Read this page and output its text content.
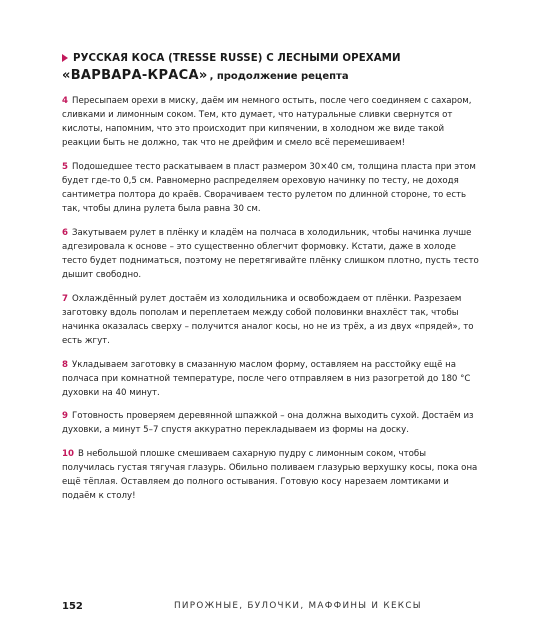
РУССКАЯ КОСА (TRESSE RUSSE) С ЛЕСНЫМИ ОРЕХАМИ
«ВАРВАРА-КРАСА» , продолжение рецепта

4 Пересыпаем орехи в миску, даём им немного остыть, после чего соединяем с сахаром, сливками и лимонным соком. Тем, кто думает, что натуральные сливки свернутся от кислоты, напомним, что это происходит при кипячении, в холодном же виде такой реакции быть не должно, так что не дрейфим и смело всё перемешиваем!

5 Подошедшее тесто раскатываем в пласт размером 30×40 см, толщина пласта при этом будет где-то 0,5 см. Равномерно распределяем ореховую начинку по тесту, не доходя сантиметра полтора до краёв. Сворачиваем тесто рулетом по длинной стороне, то есть так, чтобы длина рулета была равна 30 см.

6 Закутываем рулет в плёнку и кладём на полчаса в холодильник, чтобы начинка лучше адгезировала к основе – это существенно облегчит формовку. Кстати, даже в холоде тесто будет подниматься, поэтому не перетягивайте плёнку слишком плотно, пусть тесто дышит свободно.

7 Охлаждённый рулет достаём из холодильника и освобождаем от плёнки. Разрезаем заготовку вдоль пополам и переплетаем между собой половинки внахлёст так, чтобы начинка оказалась сверху – получится аналог косы, но не из трёх, а из двух «прядей», то есть жгут.

8 Укладываем заготовку в смазанную маслом форму, оставляем на расстойку ещё на полчаса при комнатной температуре, после чего отправляем в низ разогретой до 180 °С духовки на 40 минут.

9 Готовность проверяем деревянной шпажкой – она должна выходить сухой. Достаём из духовки, а минут 5–7 спустя аккуратно перекладываем из формы на доску.

10 В небольшой плошке смешиваем сахарную пудру с лимонным соком, чтобы получилась густая тягучая глазурь. Обильно поливаем глазурью верхушку косы, пока она ещё тёплая. Оставляем до полного остывания. Готовую косу нарезаем ломтиками и подаём к столу!

152	ПИРОЖНЫЕ, БУЛОЧКИ, МАФФИНЫ И КЕКСЫ
